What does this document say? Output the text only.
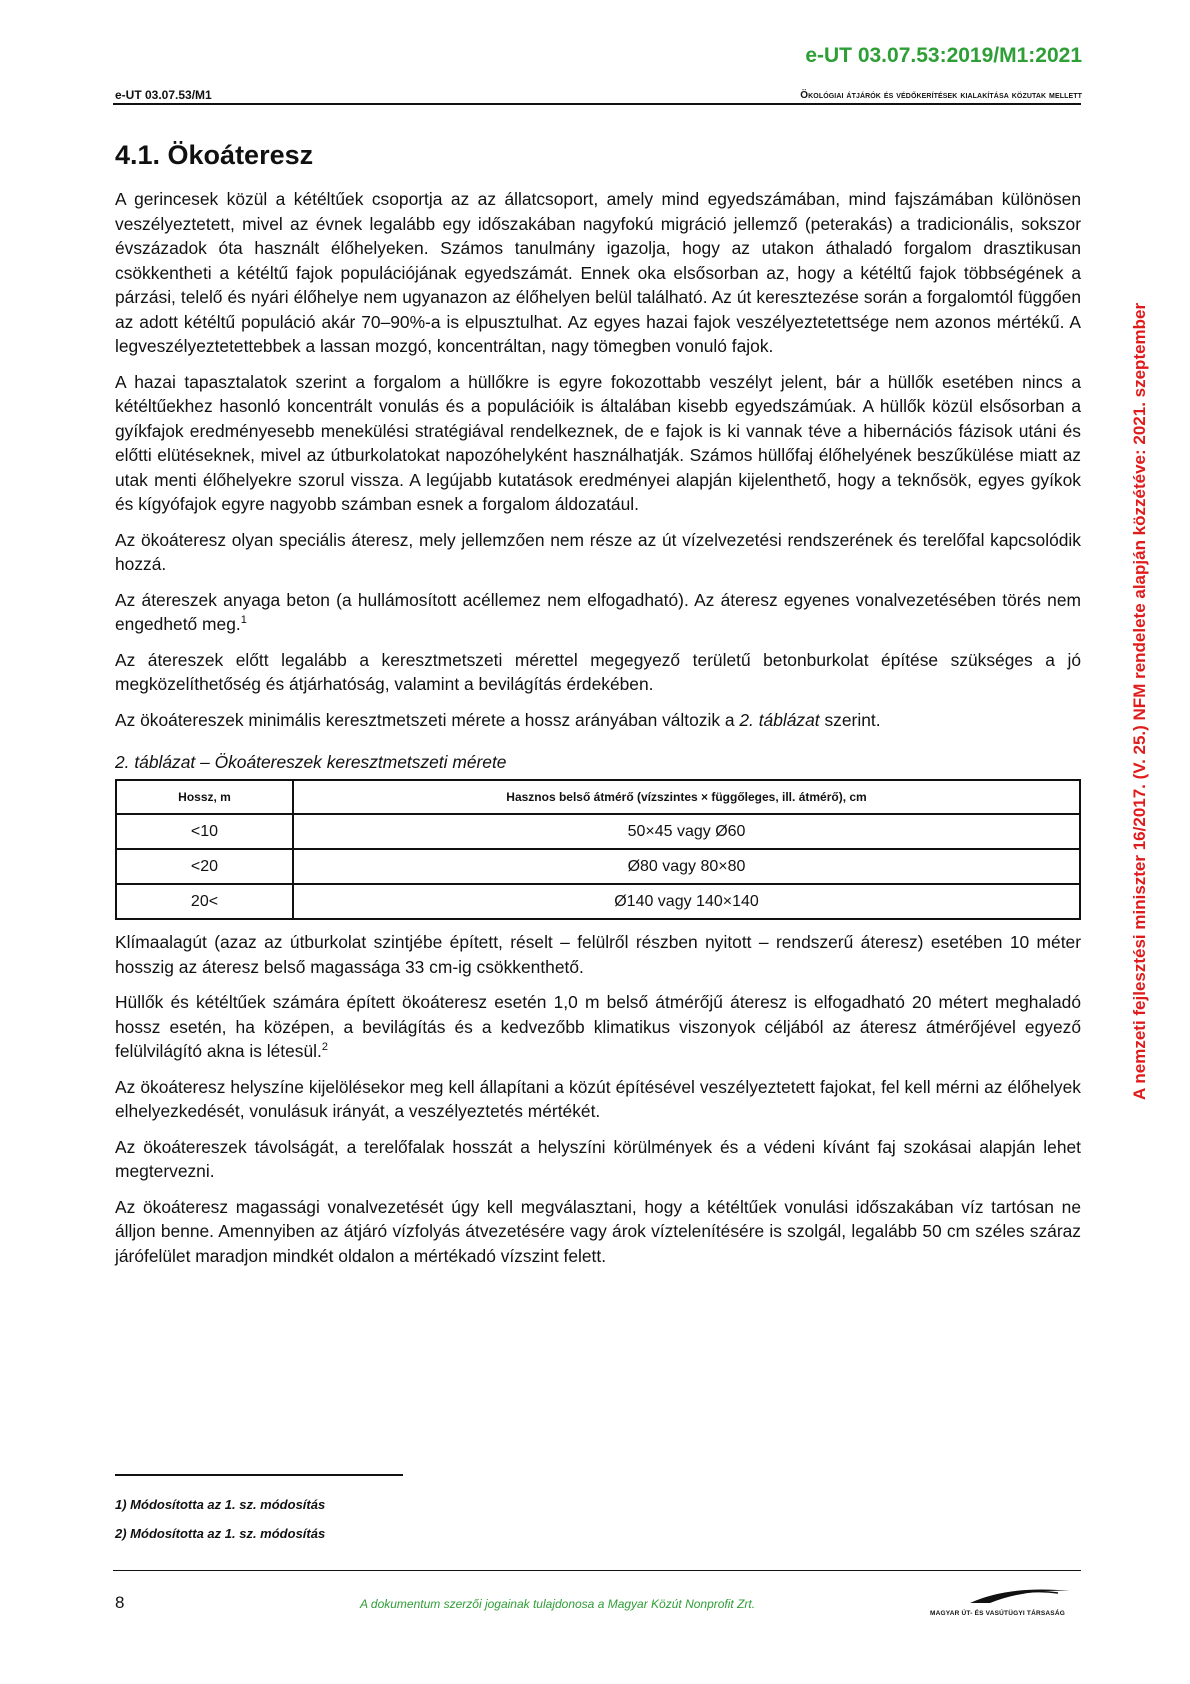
e-UT 03.07.53:2019/M1:2021
e-UT 03.07.53/M1	Ökológiai átjárók és védőkerítések kialakítása közutak mellett
A nemzeti fejlesztési miniszter 16/2017. (V. 25.) NFM rendelete alapján közzétéve: 2021. szeptember
4.1. Ökoáteresz

A gerincesek közül a kétéltűek csoportja az az állatcsoport, amely mind egyedszámában, mind fajszámában különösen veszélyeztetett, mivel az évnek legalább egy időszakában nagyfokú migráció jellemző (peterakás) a tradicionális, sokszor évszázadok óta használt élőhelyeken. Számos tanulmány igazolja, hogy az utakon áthaladó forgalom drasztikusan csökkentheti a kétéltű fajok populációjának egyedszámát. Ennek oka elsősorban az, hogy a kétéltű fajok többségének a párzási, telelő és nyári élőhelye nem ugyanazon az élőhelyen belül található. Az út keresztezése során a forgalomtól függően az adott kétéltű populáció akár 70–90%-a is elpusztulhat. Az egyes hazai fajok veszélyeztetettsége nem azonos mértékű. A legveszélyeztetettebbek a lassan mozgó, koncentráltan, nagy tömegben vonuló fajok.

A hazai tapasztalatok szerint a forgalom a hüllőkre is egyre fokozottabb veszélyt jelent, bár a hüllők esetében nincs a kétéltűekhez hasonló koncentrált vonulás és a populációik is általában kisebb egyedszámúak. A hüllők közül elsősorban a gyíkfajok eredményesebb menekülési stratégiával rendelkeznek, de e fajok is ki vannak téve a hibernációs fázisok utáni és előtti elütéseknek, mivel az útburkolatokat napozóhelyként használhatják. Számos hüllőfaj élőhelyének beszűkülése miatt az utak menti élőhelyekre szorul vissza. A legújabb kutatások eredményei alapján kijelenthető, hogy a teknősök, egyes gyíkok és kígyófajok egyre nagyobb számban esnek a forgalom áldozatául.

Az ökoáteresz olyan speciális áteresz, mely jellemzően nem része az út vízelvezetési rendszerének és terelőfal kapcsolódik hozzá.

Az átereszek anyaga beton (a hullámosított acéllemez nem elfogadható). Az áteresz egyenes vonalvezetésében törés nem engedhető meg.$^1$

Az átereszek előtt legalább a keresztmetszeti mérettel megegyező területű betonburkolat építése szükséges a jó megközelíthetőség és átjárhatóság, valamint a bevilágítás érdekében.

Az ökoátereszek minimális keresztmetszeti mérete a hossz arányában változik a 2. táblázat szerint.

2. táblázat – Ökoátereszek keresztmetszeti mérete
Hossz, m	Hasznos belső átmérő (vízszintes × függőleges, ill. átmérő), cm
<10	50×45 vagy Ø60
<20	Ø80 vagy 80×80
20<	Ø140 vagy 140×140

Klímaalagút (azaz az útburkolat szintjébe épített, réselt – felülről részben nyitott – rendszerű áteresz) esetében 10 méter hosszig az áteresz belső magassága 33 cm-ig csökkenthető.

Hüllők és kétéltűek számára épített ökoáteresz esetén 1,0 m belső átmérőjű áteresz is elfogadható 20 métert meghaladó hossz esetén, ha középen, a bevilágítás és a kedvezőbb klimatikus viszonyok céljából az áteresz átmérőjével egyező felülvilágító akna is létesül.$^2$

Az ökoáteresz helyszíne kijelölésekor meg kell állapítani a közút építésével veszélyeztetett fajokat, fel kell mérni az élőhelyek elhelyezkedését, vonulásuk irányát, a veszélyeztetés mértékét.

Az ökoátereszek távolságát, a terelőfalak hosszát a helyszíni körülmények és a védeni kívánt faj szokásai alapján lehet megtervezni.

Az ökoáteresz magassági vonalvezetését úgy kell megválasztani, hogy a kétéltűek vonulási időszakában víz tartósan ne álljon benne. Amennyiben az átjáró vízfolyás átvezetésére vagy árok víztelenítésére is szolgál, legalább 50 cm széles száraz járófelület maradjon mindkét oldalon a mértékadó vízszint felett.

1) Módosította az 1. sz. módosítás
2) Módosította az 1. sz. módosítás
8	A dokumentum szerzői jogainak tulajdonosa a Magyar Közút Nonprofit Zrt.
MAGYAR ÚT- ÉS VASÚTÜGYI TÁRSASÁG
